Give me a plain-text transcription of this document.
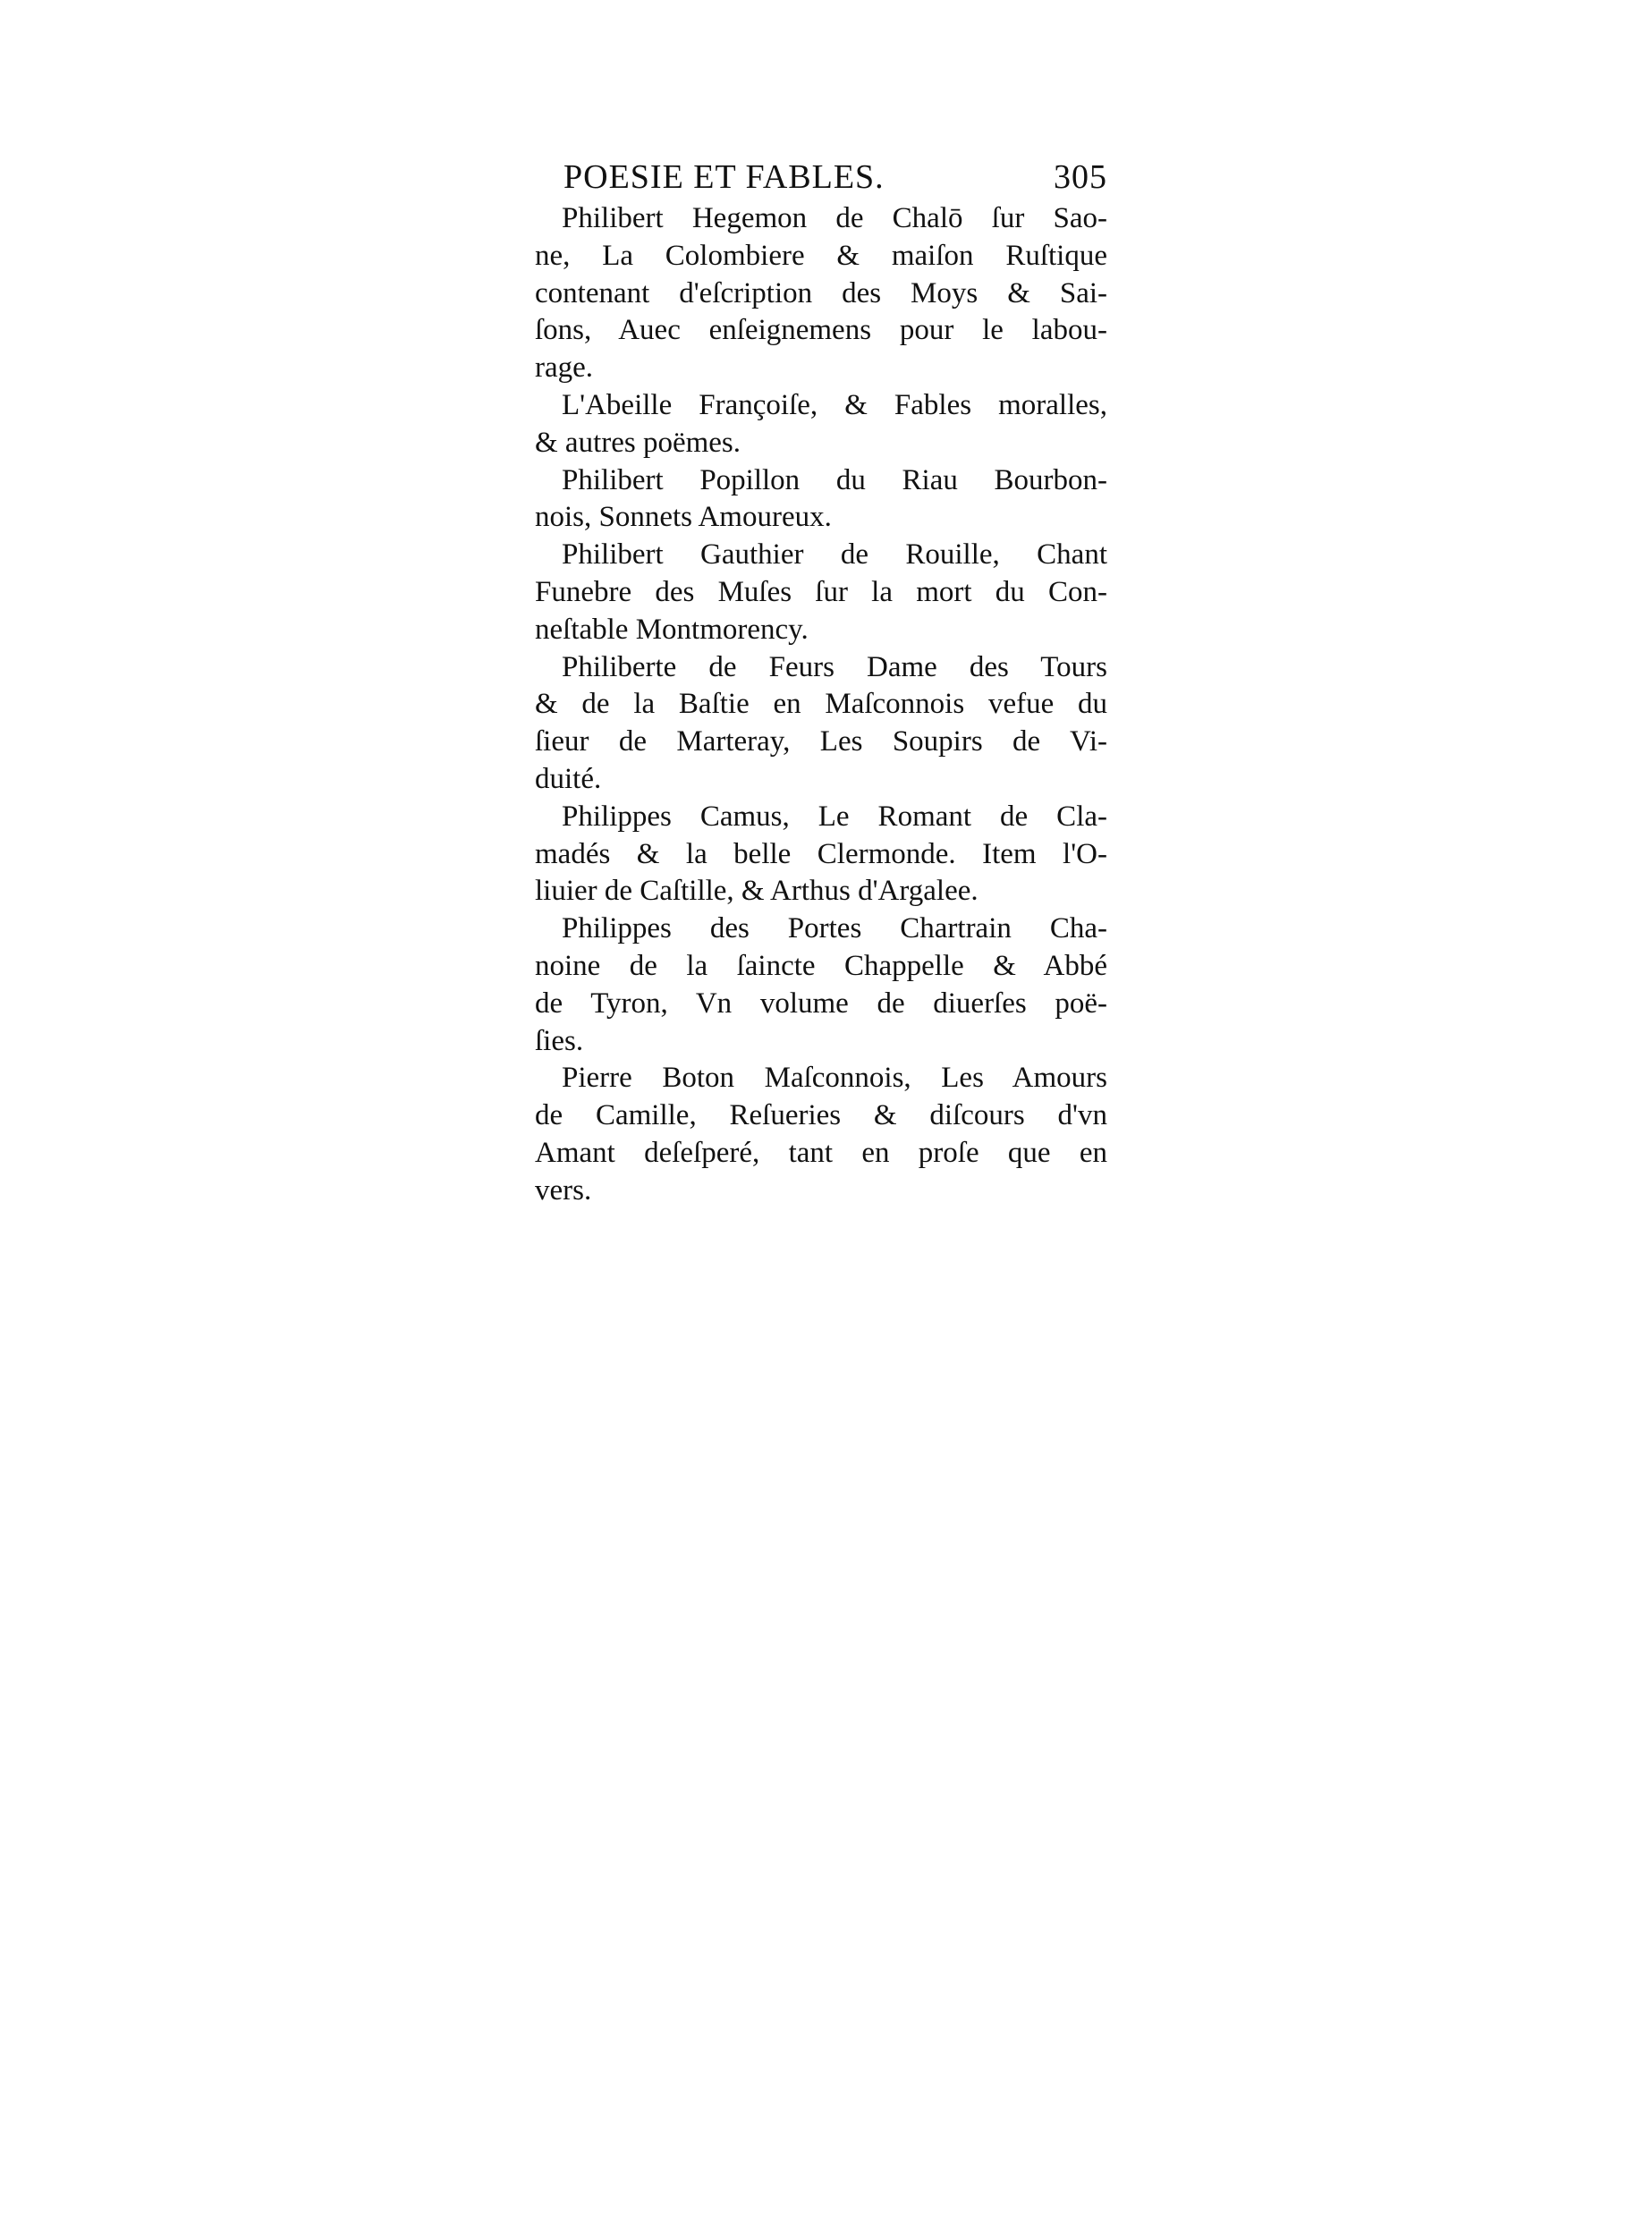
POESIE ET FABLES.	305
Philibert Hegemon de Chalō ſur Sao-
ne, La Colombiere & maiſon Ruſtique
contenant d'eſcription des Moys & Sai-
ſons, Auec enſeignemens pour le labou-
rage.
L'Abeille Françoiſe, & Fables moralles,
& autres poëmes.
Philibert Popillon du Riau Bourbon-
nois, Sonnets Amoureux.
Philibert Gauthier de Rouille, Chant
Funebre des Muſes ſur la mort du Con-
neſtable Montmorency.
Philiberte de Feurs Dame des Tours
& de la Baſtie en Maſconnois vefue du
ſieur de Marteray, Les Soupirs de Vi-
duité.
Philippes Camus, Le Romant de Cla-
madés & la belle Clermonde. Item l'O-
liuier de Caſtille, & Arthus d'Argalee.
Philippes des Portes Chartrain Cha-
noine de la ſaincte Chappelle & Abbé
de Tyron, Vn volume de diuerſes poë-
ſies.
Pierre Boton Maſconnois, Les Amours
de Camille, Reſueries & diſcours d'vn
Amant deſeſperé, tant en proſe que en
vers.
